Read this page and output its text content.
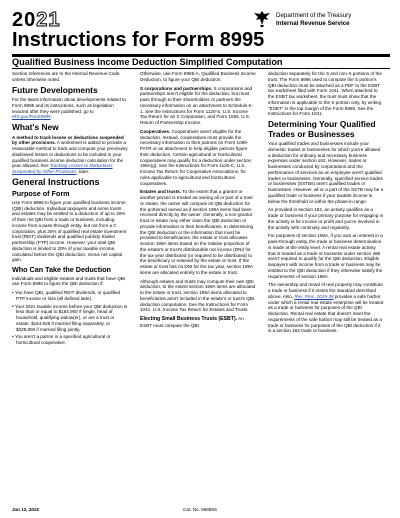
2021
Instructions for Form 8995
Department of the Treasury
Internal Revenue Service
Qualified Business Income Deduction Simplified Computation

Section references are to the Internal Revenue Code unless otherwise noted.

Future Developments

For the latest information about developments related to Form 8995 and its instructions, such as legislation enacted after they were published, go to IRS.gov/Form8995.

What's New

A method to track losses or deductions suspended by other provisions. A worksheet is added to provide a reasonable method to track and compute your previously disallowed losses or deductions to be included in your qualified business income deduction calculation for the year allowed. See Tracking Losses or Deductions Suspended by Other Provisions, later.

General Instructions
Purpose of Form

Use Form 8995 to figure your qualified business income (QBI) deduction. Individual taxpayers and some trusts and estates may be entitled to a deduction of up to 20% of their net QBI from a trade or business, including income from a pass-through entity, but not from a C corporation, plus 20% of qualified real estate investment trust (REIT) dividends and qualified publicly traded partnership (PTP) income. However, your total QBI deduction is limited to 20% of your taxable income, calculated before the QBI deduction, minus net capital gain.

Who Can Take the Deduction

Individuals and eligible estates and trusts that have QBI use Form 8995 to figure the QBI deduction if:

• You have QBI, qualified REIT dividends, or qualified PTP income or loss (all defined later),
• Your 2021 taxable income before your QBI deduction is less than or equal to $164,900 if single, head of household, qualifying widow(er), or are a trust or estate, $164,925 if married filing separately, or $329,800 if married filing jointly,
• You aren't a patron in a specified agricultural or horticultural cooperative,

Otherwise, use Form 8995-A, Qualified Business Income Deduction, to figure your QBI deduction.

S corporations and partnerships. S corporations and partnerships aren't eligible for the deduction, but must pass through to their shareholders or partners the necessary information on an attachment to Schedule K-1. See the Instructions for Form 1120-S, U.S. Income Tax Return for an S Corporation, and Form 1065, U.S. Return of Partnership Income.

Cooperatives. Cooperatives aren't eligible for the deduction. Instead, cooperatives must provide the necessary information to their patrons on Form 1099-PATR or an attachment to help eligible patrons figure their deduction. Certain agricultural or horticultural cooperatives may qualify for a deduction under section 199A(g). See the Instructions for Form 1120-C, U.S. Income Tax Return for Cooperative Associations, for rules applicable to agricultural and horticultural cooperatives.

Estates and trusts. To the extent that a grantor or another person is treated as owning all or part of a trust or estate, the owner will compute its QBI deduction for the portioned owned as if section 199A items had been received directly by the owner. Generally, a non-grantor trust or estate may either claim the QBI deduction or provide information to their beneficiaries. In determining the QBI deduction or the information that must be provided to beneficiaries, the estate or trust allocates section 199A items based on the relative proportion of the estate's or trust's distributable net income (DNI) for the tax year distributed (or required to be distributed) to the beneficiary or retained by the estate or trust. If the estate or trust has no DNI for the tax year, section 199A items are allocated entirely to the estate or trust.

Although estates and trusts may compute their own QBI deduction, to the extent section 199A items are allocated to the estate or trust, section 199A items allocated to beneficiaries aren't included in the estate's or trust's QBI deduction computation. See the Instructions for Form 1041, U.S. Income Tax Return for Estates and Trusts.

Electing Small Business Trusts (ESBT). An ESBT must compute the QBI

deduction separately for the S and non-S portions of the trust. The Form 8995 used to compute the S portion's QBI deduction must be attached as a PDF to the ESBT tax worksheet filed with Form 1041. When attached to the ESBT tax worksheet, the trust must show that the information is applicable to the S portion only, by writing "ESBT" in the top margin of the Form 8995. See the Instructions for Form 1041.

Determining Your Qualified Trades or Businesses

Your qualified trades and businesses include your domestic trades or businesses for which you're allowed a deduction for ordinary and necessary business expenses under section 162. However, trades or businesses conducted by corporations and the performance of services as an employee aren't qualified trades or businesses. Generally, specified service trades or businesses (SSTBs) aren't qualified trades or businesses. However, all or a part of the SSTB may be a qualified trade or business if your taxable income is below the threshold or within the phase-in range.

As provided in section 162, an activity qualifies as a trade or business if your primary purpose for engaging in the activity is for income or profit and you're involved in the activity with continuity and regularity.

For purposes of section 199A, if you own an interest in a pass-through entity, the trade or business determination is made at the entity level. A rental real estate activity that is treated as a trade or business under section 469 aren't required to qualify for the QBI deduction. Eligible taxpayers with income from a trade or business may be entitled to the QBI deduction if they otherwise satisfy the requirements of section 199A.

The ownership and rental of real property may constitute a trade or business if it meets the standard described above. Also, Rev. Proc. 2019-38 provides a safe harbor under which a rental real estate enterprise will be treated as a trade or business for purposes of the QBI deduction. Rental real estate that doesn't meet the requirements of the safe harbor may still be treated as a trade or business for purposes of the QBI deduction if it is a section 162 trade or business.

Jan 12, 2022	Cat. No. 69865S
